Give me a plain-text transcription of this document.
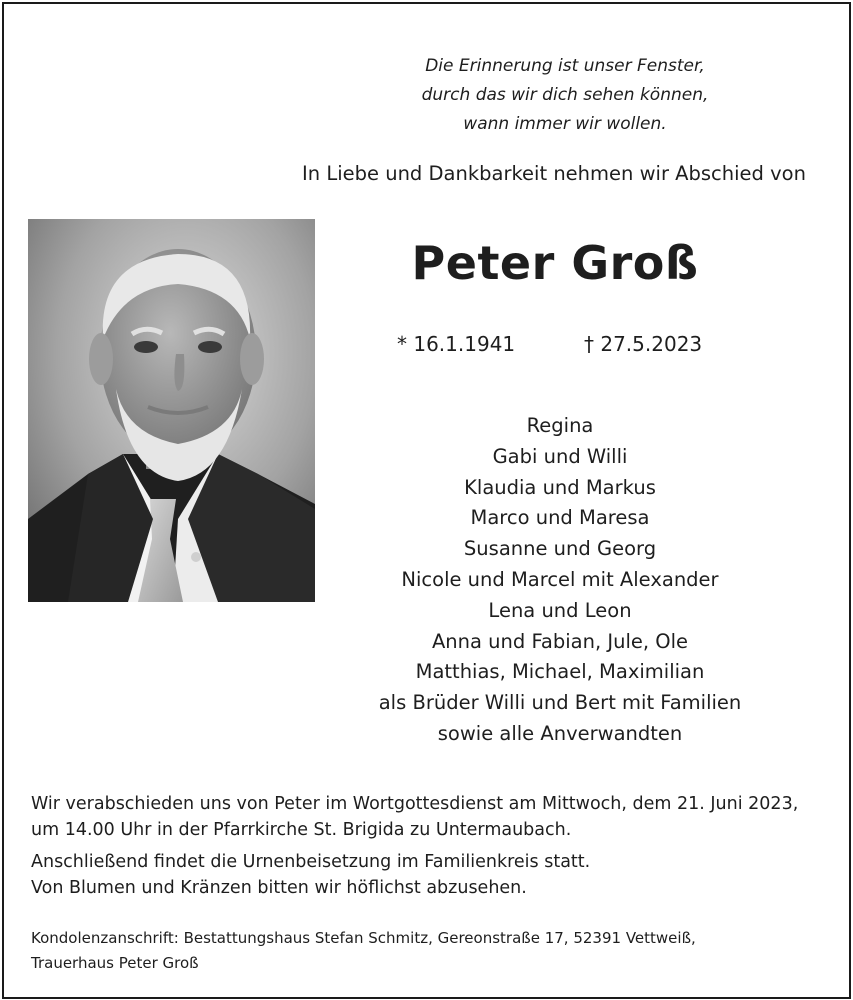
Die Erinnerung ist unser Fenster,
durch das wir dich sehen können,
wann immer wir wollen.
In Liebe und Dankbarkeit nehmen wir Abschied von
Peter Groß
* 16.1.1941	† 27.5.2023
Regina
Gabi und Willi
Klaudia und Markus
Marco und Maresa
Susanne und Georg
Nicole und Marcel mit Alexander
Lena und Leon
Anna und Fabian, Jule, Ole
Matthias, Michael, Maximilian
als Brüder Willi und Bert mit Familien
sowie alle Anverwandten
Wir verabschieden uns von Peter im Wortgottesdienst am Mittwoch, dem 21. Juni 2023,
um 14.00 Uhr in der Pfarrkirche St. Brigida zu Untermaubach.
Anschließend findet die Urnenbeisetzung im Familienkreis statt.
Von Blumen und Kränzen bitten wir höflichst abzusehen.
Kondolenzanschrift: Bestattungshaus Stefan Schmitz, Gereonstraße 17, 52391 Vettweiß,
Trauerhaus Peter Groß
